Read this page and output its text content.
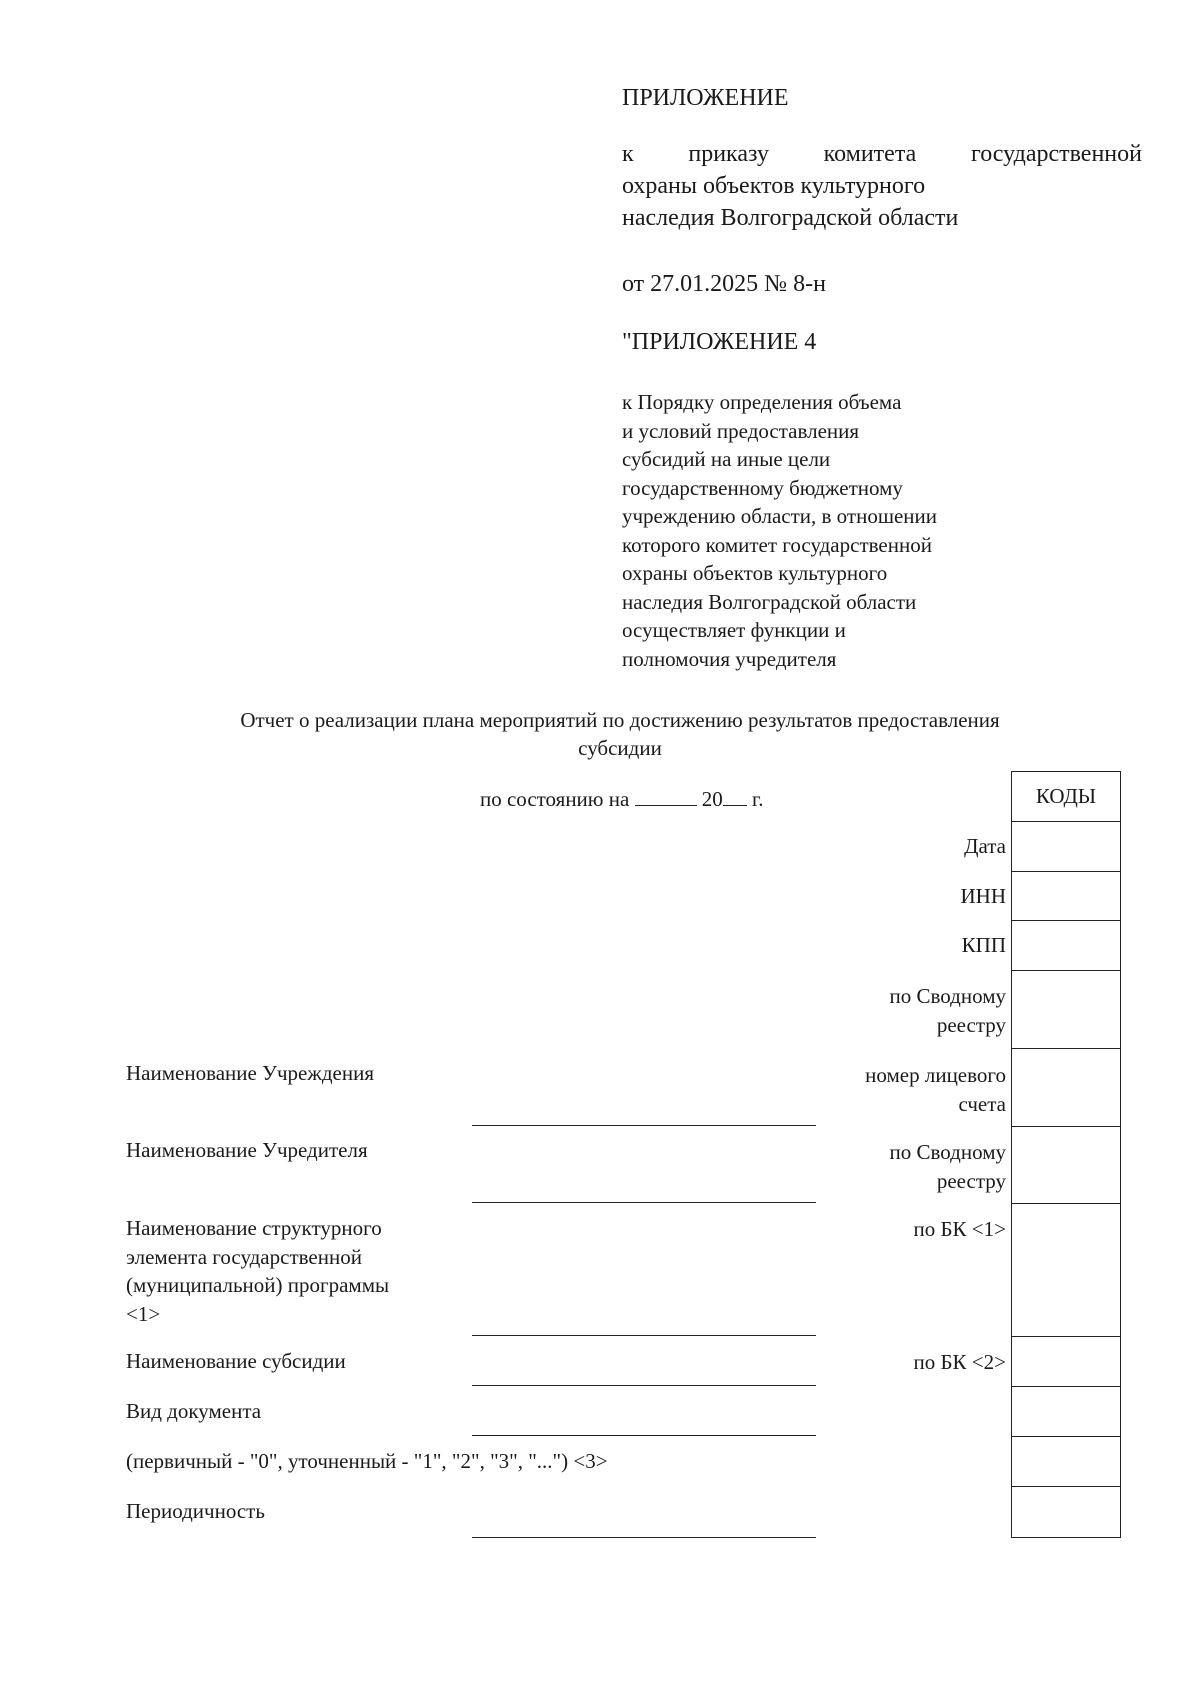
ПРИЛОЖЕНИЕ
к приказу комитета государственной
охраны объектов культурного
наследия Волгоградской области
от 27.01.2025 № 8-н
"ПРИЛОЖЕНИЕ 4
к Порядку определения объема
и условий предоставления
субсидий на иные цели
государственному бюджетному
учреждению области, в отношении
которого комитет государственной
охраны объектов культурного
наследия Волгоградской области
осуществляет функции и
полномочия учредителя
Отчет о реализации плана мероприятий по достижению результатов предоставления
субсидии
по состоянию на	20 г.	КОДЫ
Дата
ИНН
КПП
по Сводному
реестру
номер лицевого
счета
по Сводному
реестру
по БК <1>
по БК <2>
Наименование Учреждения
Наименование Учредителя
Наименование структурного
элемента государственной
(муниципальной) программы
<1>
Наименование субсидии
Вид документа
(первичный - "0", уточненный - "1", "2", "3", "...") <3>
Периодичность
